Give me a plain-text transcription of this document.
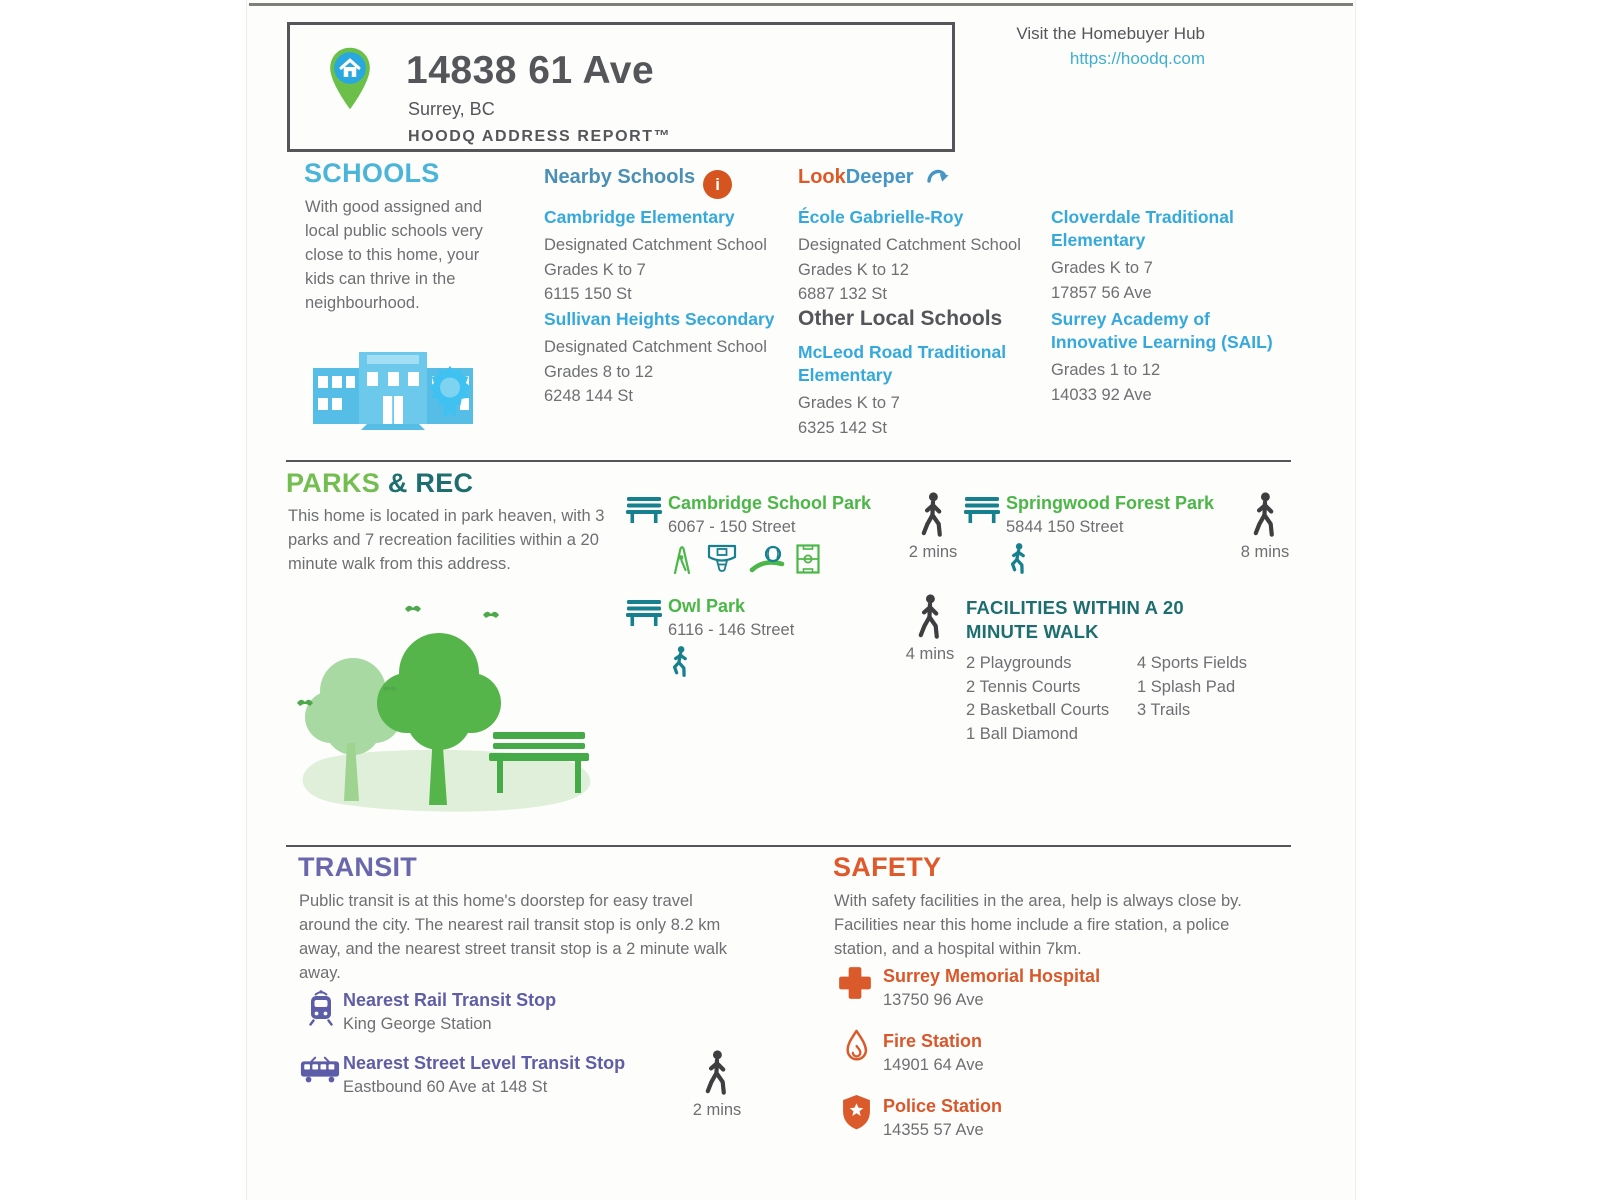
14838 61 Ave
Surrey, BC
HOODQ ADDRESS REPORT™
Visit the Homebuyer Hub
https://hoodq.com
SCHOOLS
With good assigned and local public schools very close to this home, your kids can thrive in the neighbourhood.
Nearby Schools i
Cambridge Elementary
Designated Catchment School
Grades K to 7
6115 150 St
Sullivan Heights Secondary
Designated Catchment School
Grades 8 to 12
6248 144 St
LookDeeper
École Gabrielle-Roy
Designated Catchment School
Grades K to 12
6887 132 St
Other Local Schools
McLeod Road Traditional Elementary
Grades K to 7
6325 142 St
Cloverdale Traditional Elementary
Grades K to 7
17857 56 Ave
Surrey Academy of Innovative Learning (SAIL)
Grades 1 to 12
14033 92 Ave
PARKS & REC
This home is located in park heaven, with 3 parks and 7 recreation facilities within a 20 minute walk from this address.
Cambridge School Park
6067 - 150 Street
2 mins
Springwood Forest Park
5844 150 Street
8 mins
Owl Park
6116 - 146 Street
4 mins
FACILITIES WITHIN A 20 MINUTE WALK
2 Playgrounds
2 Tennis Courts
2 Basketball Courts
1 Ball Diamond
4 Sports Fields
1 Splash Pad
3 Trails
TRANSIT
Public transit is at this home's doorstep for easy travel around the city. The nearest rail transit stop is only 8.2 km away, and the nearest street transit stop is a 2 minute walk away.
Nearest Rail Transit Stop
King George Station
Nearest Street Level Transit Stop
Eastbound 60 Ave at 148 St
2 mins
SAFETY
With safety facilities in the area, help is always close by. Facilities near this home include a fire station, a police station, and a hospital within 7km.
Surrey Memorial Hospital
13750 96 Ave
Fire Station
14901 64 Ave
Police Station
14355 57 Ave
